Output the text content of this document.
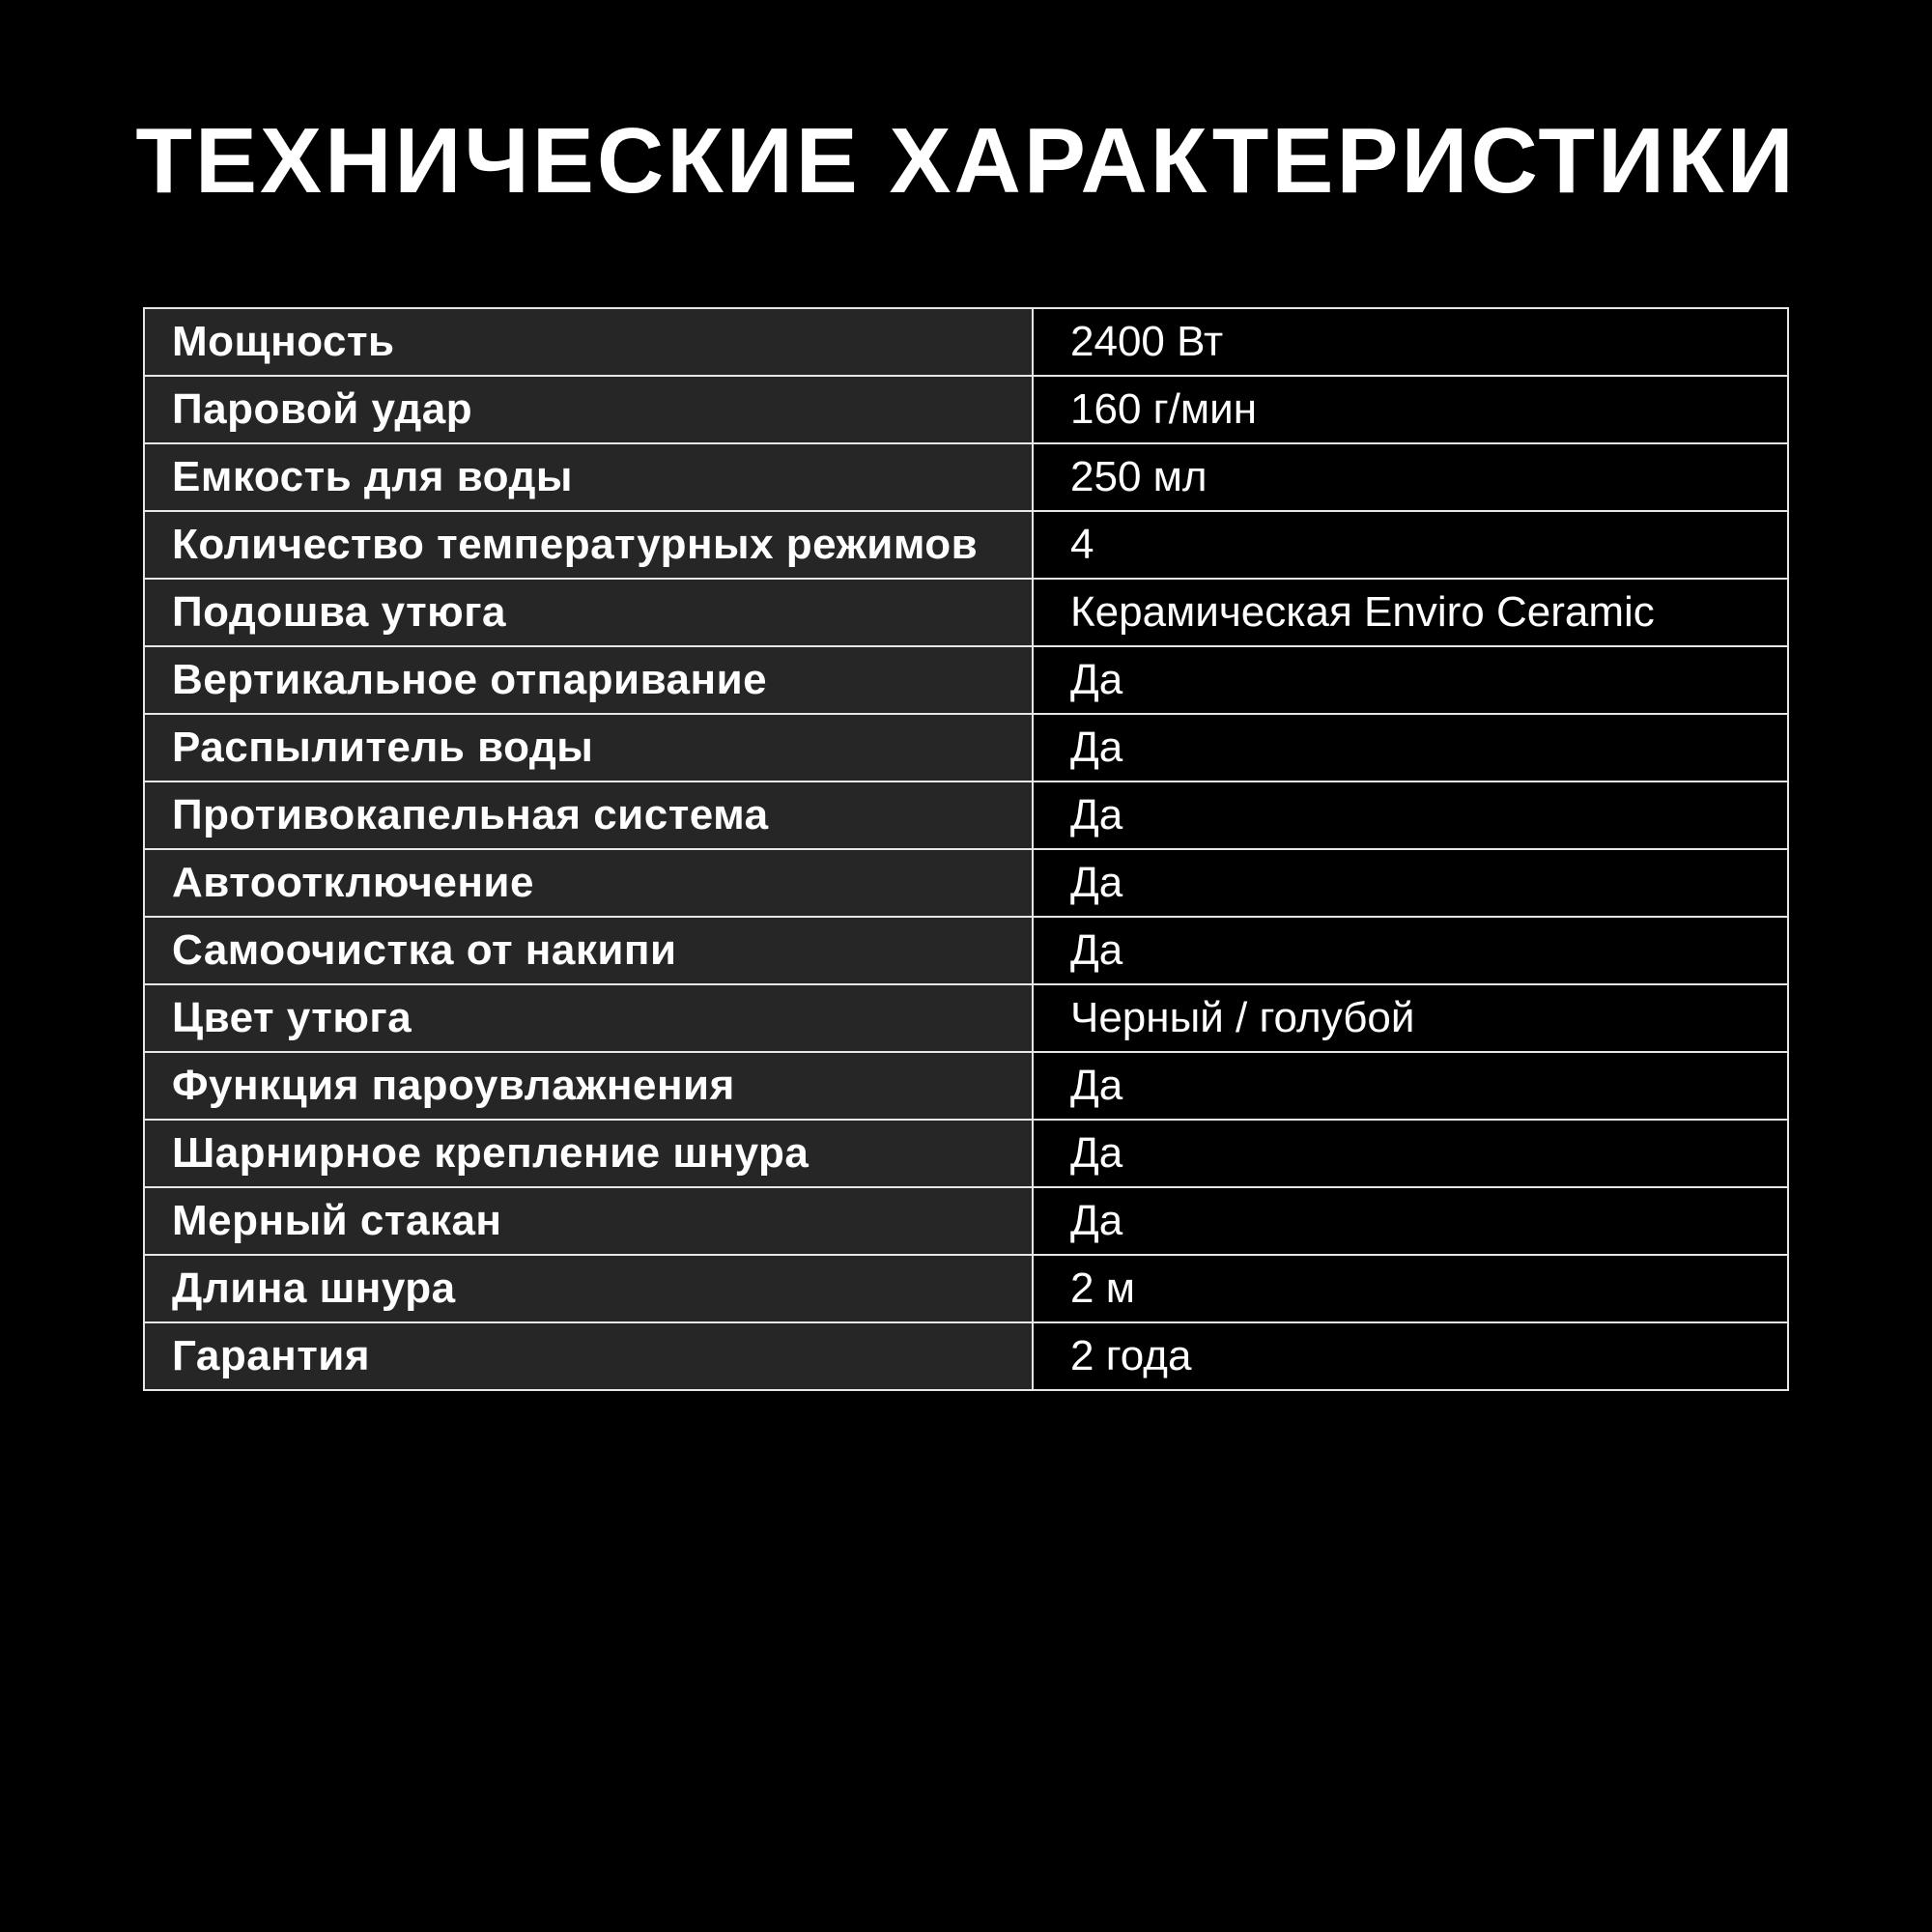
ТЕХНИЧЕСКИЕ ХАРАКТЕРИСТИКИ
Мощность	2400 Вт
Паровой удар	160 г/мин
Емкость для воды	250 мл
Количество температурных режимов	4
Подошва утюга	Керамическая Enviro Ceramic
Вертикальное отпаривание	Да
Распылитель воды	Да
Противокапельная система	Да
Автоотключение	Да
Самоочистка от накипи	Да
Цвет утюга	Черный / голубой
Функция пароувлажнения	Да
Шарнирное крепление шнура	Да
Мерный стакан	Да
Длина шнура	2 м
Гарантия	2 года
